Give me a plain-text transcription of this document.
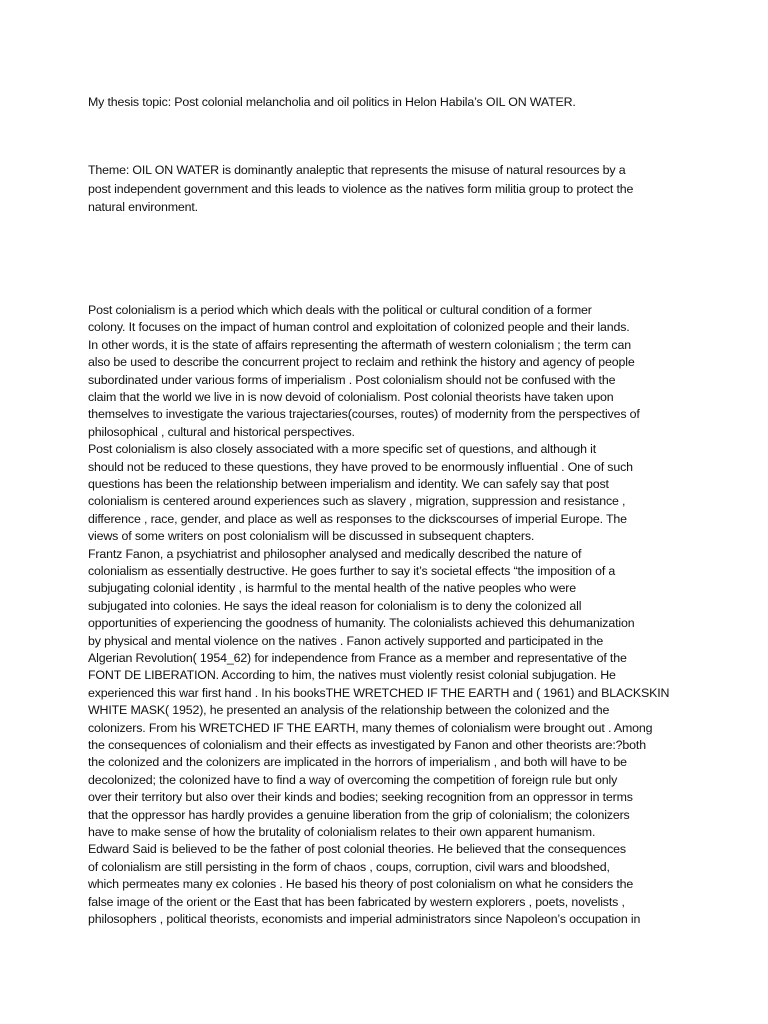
My thesis topic: Post colonial melancholia and oil politics in Helon Habila’s OIL ON WATER.
Theme: OIL ON WATER is dominantly analeptic that represents the misuse of natural resources by a
post independent government and this leads to violence as the natives form militia group to protect the
natural environment.
Post colonialism is a period which which deals with the political or cultural condition of a former
colony. It focuses on the impact of human control and exploitation of colonized people and their lands.
In other words, it is the state of affairs representing the aftermath of western colonialism ; the term can
also be used to describe the concurrent project to reclaim and rethink the history and agency of people
subordinated under various forms of imperialism . Post colonialism should not be confused with the
claim that the world we live in is now devoid of colonialism. Post colonial theorists have taken upon
themselves to investigate the various trajectaries(courses, routes) of modernity from the perspectives of
philosophical , cultural and historical perspectives.
Post colonialism is also closely associated with a more specific set of questions, and although it
should not be reduced to these questions, they have proved to be enormously influential . One of such
questions has been the relationship between imperialism and identity. We can safely say that post
colonialism is centered around experiences such as slavery , migration, suppression and resistance ,
difference , race, gender, and place as well as responses to the dickscourses of imperial Europe. The
views of some writers on post colonialism will be discussed in subsequent chapters.
Frantz Fanon, a psychiatrist and philosopher analysed and medically described the nature of
colonialism as essentially destructive. He goes further to say it’s societal effects “the imposition of a
subjugating colonial identity , is harmful to the mental health of the native peoples who were
subjugated into colonies. He says the ideal reason for colonialism is to deny the colonized all
opportunities of experiencing the goodness of humanity. The colonialists achieved this dehumanization
by physical and mental violence on the natives . Fanon actively supported and participated in the
Algerian Revolution( 1954_62) for independence from France as a member and representative of the
FONT DE LIBERATION. According to him, the natives must violently resist colonial subjugation. He
experienced this war first hand . In his booksTHE WRETCHED IF THE EARTH and ( 1961) and BLACKSKIN
WHITE MASK( 1952), he presented an analysis of the relationship between the colonized and the
colonizers. From his WRETCHED IF THE EARTH, many themes of colonialism were brought out . Among
the consequences of colonialism and their effects as investigated by Fanon and other theorists are:?both
the colonized and the colonizers are implicated in the horrors of imperialism , and both will have to be
decolonized; the colonized have to find a way of overcoming the competition of foreign rule but only
over their territory but also over their kinds and bodies; seeking recognition from an oppressor in terms
that the oppressor has hardly provides a genuine liberation from the grip of colonialism; the colonizers
have to make sense of how the brutality of colonialism relates to their own apparent humanism.
Edward Said is believed to be the father of post colonial theories. He believed that the consequences
of colonialism are still persisting in the form of chaos , coups, corruption, civil wars and bloodshed,
which permeates many ex colonies . He based his theory of post colonialism on what he considers the
false image of the orient or the East that has been fabricated by western explorers , poets, novelists ,
philosophers , political theorists, economists and imperial administrators since Napoleon’s occupation in
